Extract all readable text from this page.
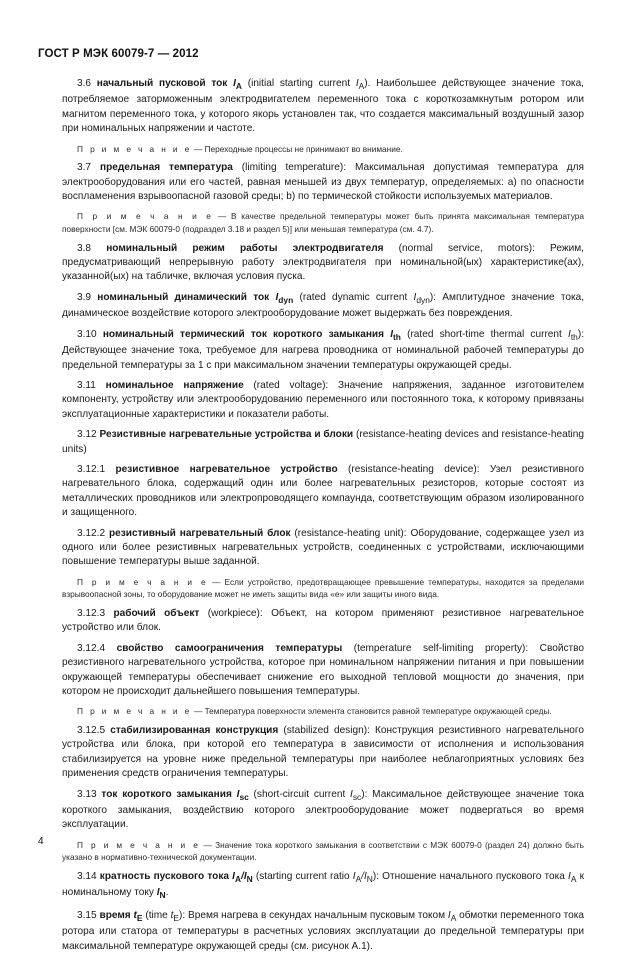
ГОСТ Р МЭК 60079-7 — 2012

3.6 начальный пусковой ток $I_A$ (initial starting current $I_A$). Наибольшее действующее значение тока, потребляемое заторможенным электродвигателем переменного тока с короткозамкнутым ротором или магнитом переменного тока, у которого якорь установлен так, что создается максимальный воздушный зазор при номинальных напряжении и частоте.

П р и м е ч а н и е — Переходные процессы не принимают во внимание.

3.7 предельная температура (limiting temperature): Максимальная допустимая температура для электрооборудования или его частей, равная меньшей из двух температур, определяемых: a) по опасности воспламенения взрывоопасной газовой среды; b) по термической стойкости используемых материалов.

П р и м е ч а н и е — В качестве предельной температуры может быть принята максимальная температура поверхности [см. МЭК 60079-0 (подраздел 3.18 и раздел 5)] или меньшая температура (см. 4.7).

3.8 номинальный режим работы электродвигателя (normal service, motors): Режим, предусматривающий непрерывную работу электродвигателя при номинальной(ых) характеристике(ах), указанной(ых) на табличке, включая условия пуска.

3.9 номинальный динамический ток $I_{dyn}$ (rated dynamic current $I_{dyn}$): Амплитудное значение тока, динамическое воздействие которого электрооборудование может выдержать без повреждения.

3.10 номинальный термический ток короткого замыкания $I_{th}$ (rated short-time thermal current $I_{th}$): Действующее значение тока, требуемое для нагрева проводника от номинальной рабочей температуры до предельной температуры за 1 с при максимальном значении температуры окружающей среды.

3.11 номинальное напряжение (rated voltage): Значение напряжения, заданное изготовителем компоненту, устройству или электрооборудованию переменного или постоянного тока, к которому привязаны эксплуатационные характеристики и показатели работы.

3.12 Резистивные нагревательные устройства и блоки (resistance-heating devices and resistance-heating units)

3.12.1 резистивное нагревательное устройство (resistance-heating device): Узел резистивного нагревательного блока, содержащий один или более нагревательных резисторов, которые состоят из металлических проводников или электропроводящего компаунда, соответствующим образом изолированного и защищенного.

3.12.2 резистивный нагревательный блок (resistance-heating unit): Оборудование, содержащее узел из одного или более резистивных нагревательных устройств, соединенных с устройствами, исключающими повышение температуры выше заданной.

П р и м е ч а н и е — Если устройство, предотвращающее превышение температуры, находится за пределами взрывоопасной зоны, то оборудование может не иметь защиты вида «е» или защиты иного вида.

3.12.3 рабочий объект (workpiece): Объект, на котором применяют резистивное нагревательное устройство или блок.

3.12.4 свойство самоограничения температуры (temperature self-limiting property): Свойство резистивного нагревательного устройства, которое при номинальном напряжении питания и при повышении окружающей температуры обеспечивает снижение его выходной тепловой мощности до значения, при котором не происходит дальнейшего повышения температуры.

П р и м е ч а н и е — Температура поверхности элемента становится равной температуре окружающей среды.

3.12.5 стабилизированная конструкция (stabilized design): Конструкция резистивного нагревательного устройства или блока, при которой его температура в зависимости от исполнения и использования стабилизируется на уровне ниже предельной температуры при наиболее неблагоприятных условиях без применения средств ограничения температуры.

3.13 ток короткого замыкания $I_{sc}$ (short-circuit current $I_{sc}$): Максимальное действующее значение тока короткого замыкания, воздействию которого электрооборудование может подвергаться во время эксплуатации.

П р и м е ч а н и е — Значение тока короткого замыкания в соответствии с МЭК 60079-0 (раздел 24) должно быть указано в нормативно-технической документации.

3.14 кратность пускового тока $I_A/I_N$ (starting current ratio $I_A/I_N$): Отношение начального пускового тока $I_A$ к номинальному току $I_N$.

3.15 время $t_E$ (time $t_E$): Время нагрева в секундах начальным пусковым током $I_A$ обмотки переменного тока ротора или статора от температуры в расчетных условиях эксплуатации до предельной температуры при максимальной температуре окружающей среды (см. рисунок А.1).

4
